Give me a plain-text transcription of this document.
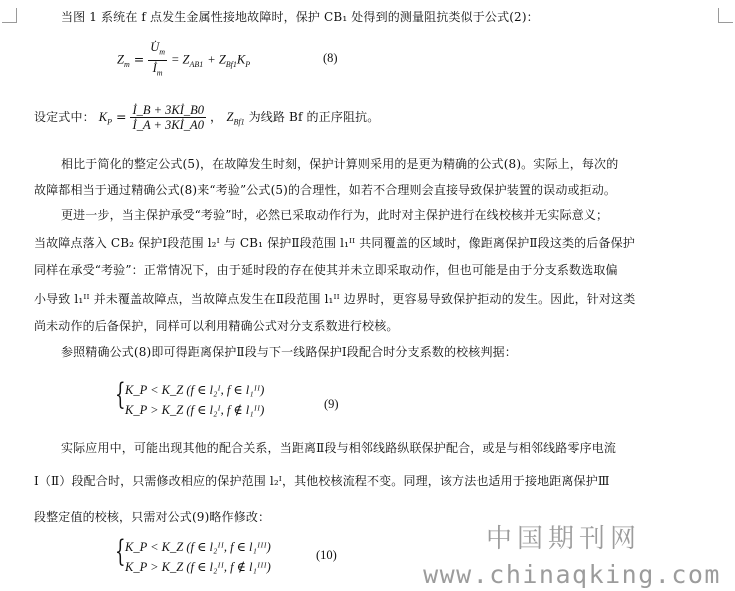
当图 1 系统在 f 点发生金属性接地故障时，保护 CB₁ 处得到的测量阻抗类似于公式(2)：
$Z_m = \frac{U̇_m}{İ_m} = Z_{AB1} + Z_{Bf1}K_P$	(8)
设定式中： $K_P = \frac{İ\_B + 3Kİ\_B0}{İ\_A + 3Kİ\_A0}$ ， $Z_{Bf1}$ 为线路 Bf 的正序阻抗。
相比于简化的整定公式(5)，在故障发生时刻，保护计算则采用的是更为精确的公式(8)。实际上，每次的
故障都相当于通过精确公式(8)来“考验”公式(5)的合理性，如若不合理则会直接导致保护装置的误动或拒动。
更进一步，当主保护承受“考验”时，必然已采取动作行为，此时对主保护进行在线校核并无实际意义；
当故障点落入 CB₂ 保护Ⅰ段范围 l₂ᴵ 与 CB₁ 保护Ⅱ段范围 l₁ᴵᴵ 共同覆盖的区域时，像距离保护Ⅱ段这类的后备保护
同样在承受“考验”：正常情况下，由于延时段的存在使其并未立即采取动作，但也可能是由于分支系数选取偏
小导致 l₁ᴵᴵ 并未覆盖故障点，当故障点发生在Ⅱ段范围 l₁ᴵᴵ 边界时，更容易导致保护拒动的发生。因此，针对这类
尚未动作的后备保护，同样可以利用精确公式对分支系数进行校核。
参照精确公式(8)即可得距离保护Ⅱ段与下一线路保护Ⅰ段配合时分支系数的校核判据：
{ K_P < K_Z (f ∈ l₂ᴵ, f ∈ l₁ᴵᴵ)
K_P > K_Z (f ∈ l₂ᴵ, f ∉ l₁ᴵᴵ)	(9)
实际应用中，可能出现其他的配合关系，当距离Ⅱ段与相邻线路纵联保护配合，或是与相邻线路零序电流
Ⅰ（Ⅱ）段配合时，只需修改相应的保护范围 l₂ᴵ，其他校核流程不变。同理，该方法也适用于接地距离保护Ⅲ
段整定值的校核，只需对公式(9)略作修改：
{ K_P < K_Z (f ∈ l₂ᴵᴵ, f ∈ l₁ᴵᴵᴵ)
K_P > K_Z (f ∈ l₂ᴵᴵ, f ∉ l₁ᴵᴵᴵ)
(10)
中国期刊网
www.chinaqking.com
